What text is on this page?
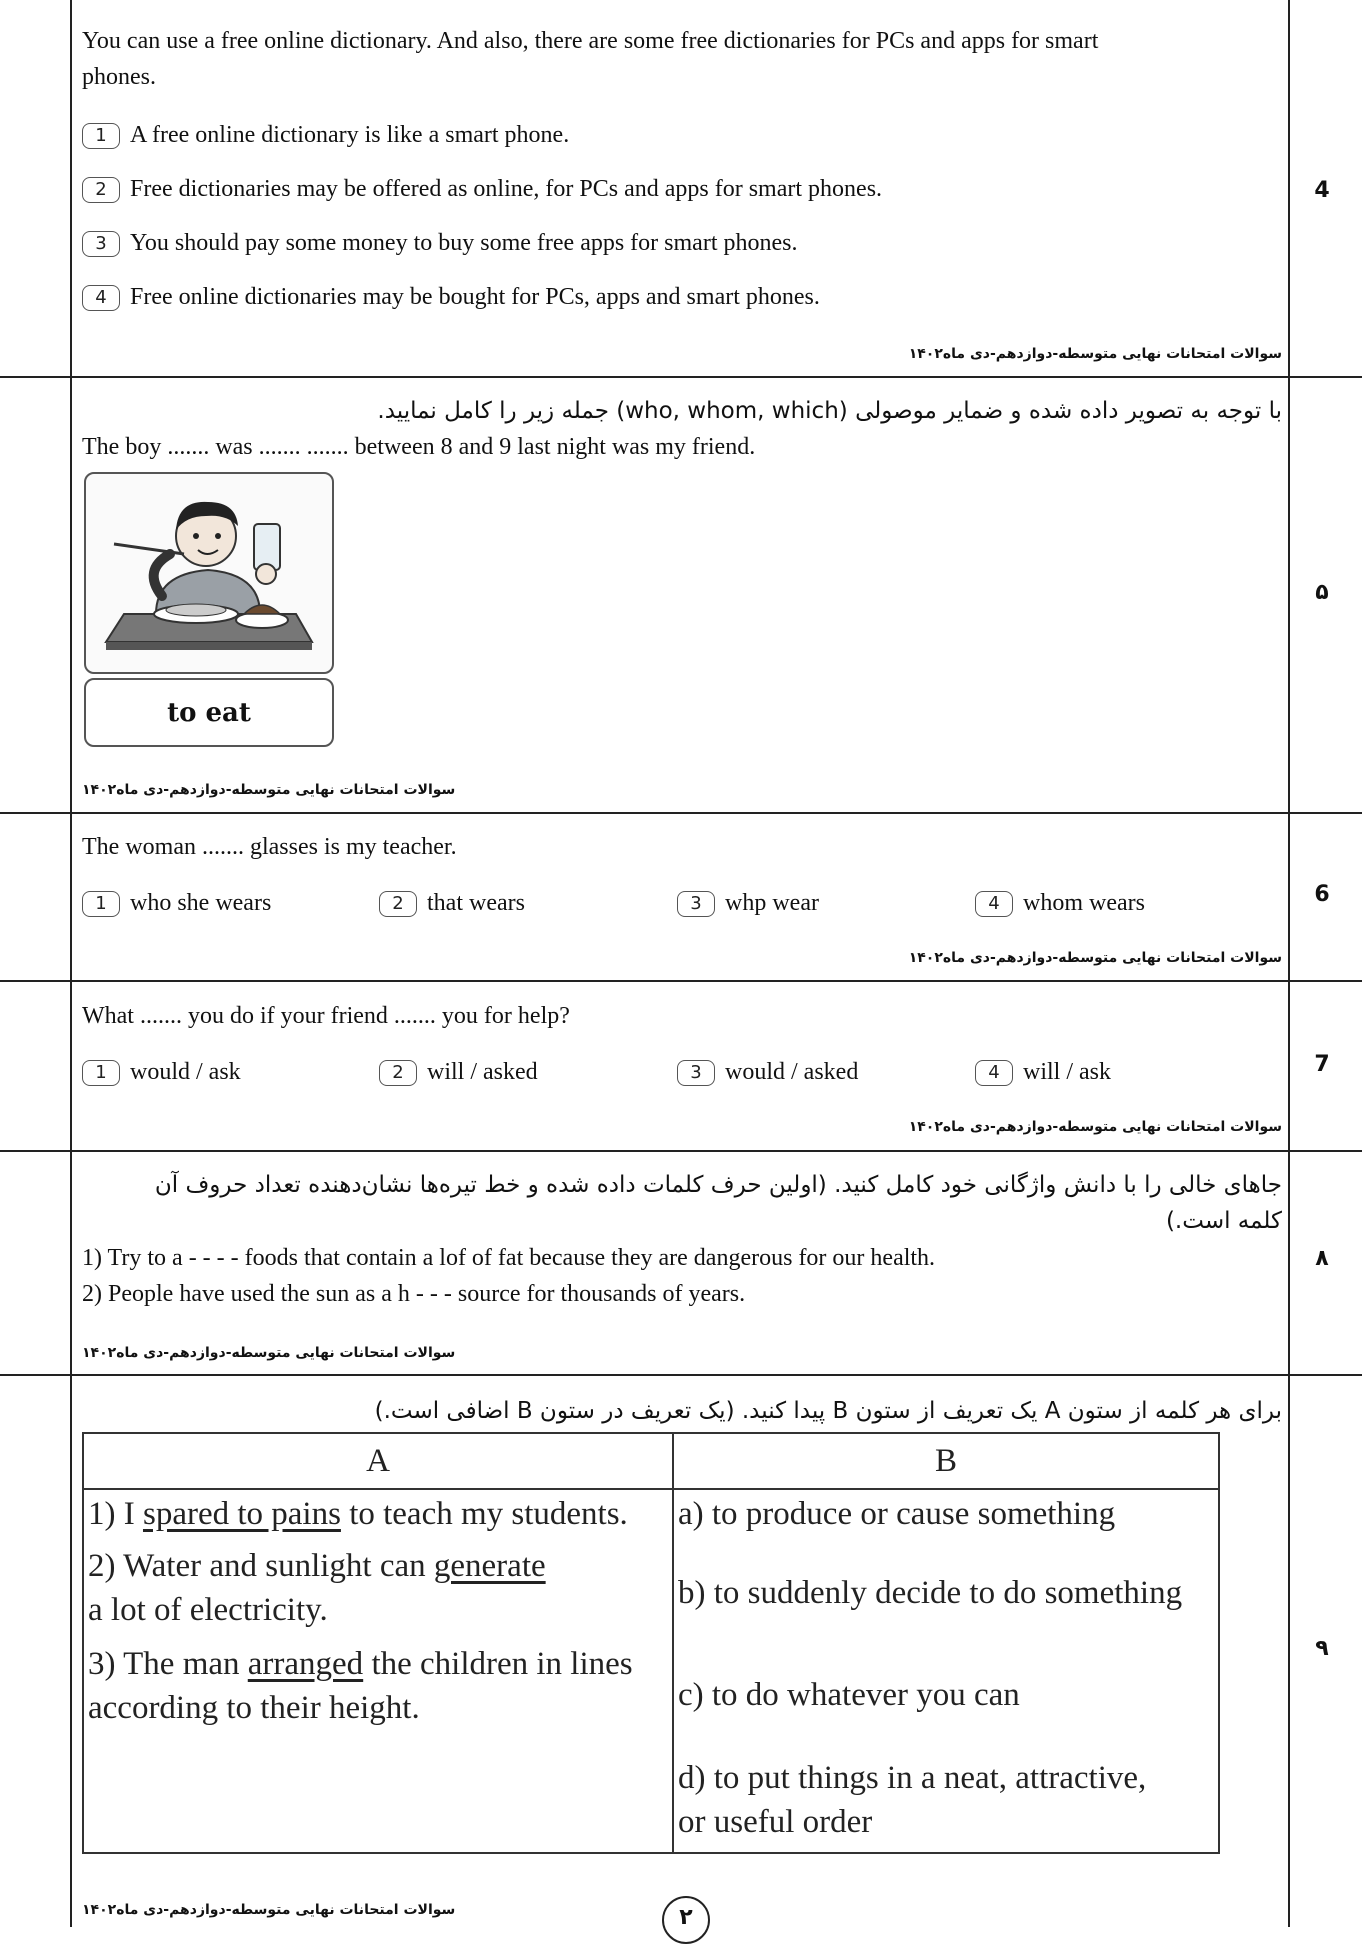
You can use a free online dictionary. And also, there are some free dictionaries for PCs and apps for smart
phones.
1 A free online dictionary is like a smart phone.
2 Free dictionaries may be offered as online, for PCs and apps for smart phones.
3 You should pay some money to buy some free apps for smart phones.
4 Free online dictionaries may be bought for PCs, apps and smart phones.
سوالات امتحانات نهایی متوسطه-دوازدهم-دی ماه۱۴۰۲
4
با توجه به تصویر داده شده و ضمایر موصولی (who, whom, which) جمله زیر را کامل نمایید.
The boy ....... was ....... ....... between 8 and 9 last night was my friend.
to eat
سوالات امتحانات نهایی متوسطه-دوازدهم-دی ماه۱۴۰۲
۵
The woman ....... glasses is my teacher.
1 who she wears	2 that wears	3 whp wear	4 whom wears
سوالات امتحانات نهایی متوسطه-دوازدهم-دی ماه۱۴۰۲
6
What ....... you do if your friend ....... you for help?
1 would / ask	2 will / asked	3 would / asked	4 will / ask
سوالات امتحانات نهایی متوسطه-دوازدهم-دی ماه۱۴۰۲
7
جاهای خالی را با دانش واژگانی خود کامل کنید. (اولین حرف کلمات داده شده و خط تیره‌ها نشان‌دهنده تعداد حروف آن
کلمه است.)
1) Try to a - - - - foods that contain a lof of fat because they are dangerous for our health.
2) People have used the sun as a h - - - source for thousands of years.
سوالات امتحانات نهایی متوسطه-دوازدهم-دی ماه۱۴۰۲
۸
برای هر کلمه از ستون A یک تعریف از ستون B پیدا کنید. (یک تعریف در ستون B اضافی است.)
A	B
1) I spared to pains to teach my students.	a) to produce or cause something
2) Water and sunlight can generate
a lot of electricity.	b) to suddenly decide to do something
3) The man arranged the children in lines
according to their height.	c) to do whatever you can
	d) to put things in a neat, attractive,
or useful order
سوالات امتحانات نهایی متوسطه-دوازدهم-دی ماه۱۴۰۲
۹
۲
